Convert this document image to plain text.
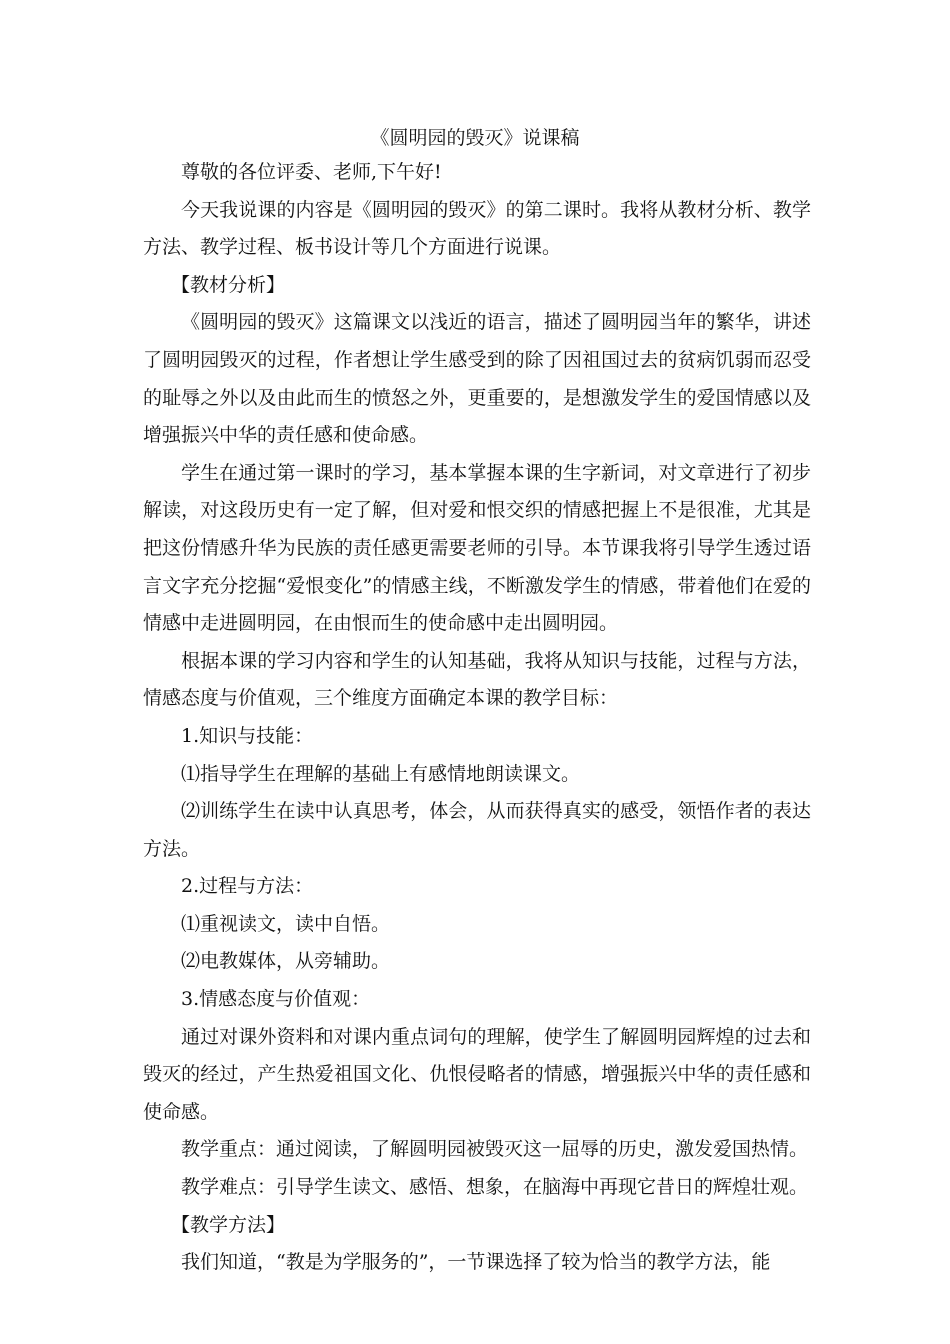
《圆明园的毁灭》说课稿

尊敬的各位评委、老师,下午好!

今天我说课的内容是《圆明园的毁灭》的第二课时。我将从教材分析、教学方法、教学过程、板书设计等几个方面进行说课。

【教材分析】

《圆明园的毁灭》这篇课文以浅近的语言，描述了圆明园当年的繁华，讲述了圆明园毁灭的过程，作者想让学生感受到的除了因祖国过去的贫病饥弱而忍受的耻辱之外以及由此而生的愤怒之外，更重要的，是想激发学生的爱国情感以及增强振兴中华的责任感和使命感。

学生在通过第一课时的学习，基本掌握本课的生字新词，对文章进行了初步解读，对这段历史有一定了解，但对爱和恨交织的情感把握上不是很准，尤其是把这份情感升华为民族的责任感更需要老师的引导。本节课我将引导学生透过语言文字充分挖掘“爱恨变化”的情感主线，不断激发学生的情感，带着他们在爱的情感中走进圆明园，在由恨而生的使命感中走出圆明园。

根据本课的学习内容和学生的认知基础，我将从知识与技能，过程与方法，情感态度与价值观，三个维度方面确定本课的教学目标：

1.知识与技能：

⑴指导学生在理解的基础上有感情地朗读课文。

⑵训练学生在读中认真思考，体会，从而获得真实的感受，领悟作者的表达方法。

2.过程与方法：

⑴重视读文，读中自悟。

⑵电教媒体，从旁辅助。

3.情感态度与价值观：

通过对课外资料和对课内重点词句的理解，使学生了解圆明园辉煌的过去和毁灭的经过，产生热爱祖国文化、仇恨侵略者的情感，增强振兴中华的责任感和使命感。

教学重点：通过阅读，了解圆明园被毁灭这一屈辱的历史，激发爱国热情。

教学难点：引导学生读文、感悟、想象，在脑海中再现它昔日的辉煌壮观。

【教学方法】

我们知道，“教是为学服务的”，一节课选择了较为恰当的教学方法，能
